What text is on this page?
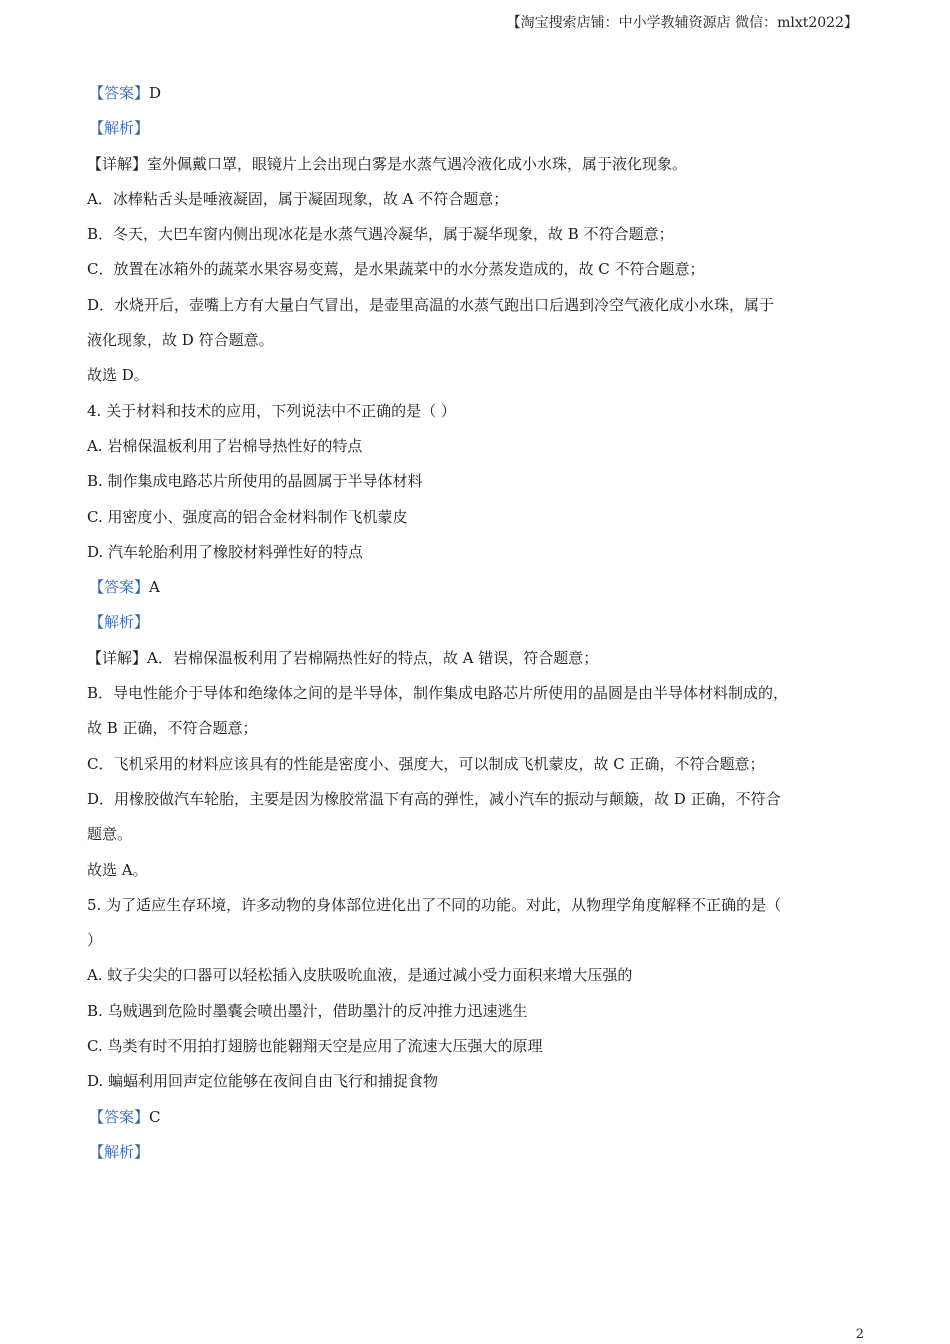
【淘宝搜索店铺：中小学教辅资源店 微信：mlxt2022】
【答案】D
【解析】
【详解】室外佩戴口罩，眼镜片上会出现白雾是水蒸气遇冷液化成小水珠，属于液化现象。
A．冰棒粘舌头是唾液凝固，属于凝固现象，故 A 不符合题意；
B．冬天，大巴车窗内侧出现冰花是水蒸气遇冷凝华，属于凝华现象，故 B 不符合题意；
C．放置在冰箱外的蔬菜水果容易变蔫，是水果蔬菜中的水分蒸发造成的，故 C 不符合题意；
D．水烧开后，壶嘴上方有大量白气冒出，是壶里高温的水蒸气跑出口后遇到冷空气液化成小水珠，属于
液化现象，故 D 符合题意。
故选 D。
4. 关于材料和技术的应用，下列说法中不正确的是（ ）
A. 岩棉保温板利用了岩棉导热性好的特点
B. 制作集成电路芯片所使用的晶圆属于半导体材料
C. 用密度小、强度高的铝合金材料制作飞机蒙皮
D. 汽车轮胎利用了橡胶材料弹性好的特点
【答案】A
【解析】
【详解】A．岩棉保温板利用了岩棉隔热性好的特点，故 A 错误，符合题意；
B．导电性能介于导体和绝缘体之间的是半导体，制作集成电路芯片所使用的晶圆是由半导体材料制成的，
故 B 正确，不符合题意；
C．飞机采用的材料应该具有的性能是密度小、强度大，可以制成飞机蒙皮，故 C 正确，不符合题意；
D．用橡胶做汽车轮胎，主要是因为橡胶常温下有高的弹性，减小汽车的振动与颠簸，故 D 正确，不符合
题意。
故选 A。
5. 为了适应生存环境，许多动物的身体部位进化出了不同的功能。对此，从物理学角度解释不正确的是（
）
A. 蚊子尖尖的口器可以轻松插入皮肤吸吮血液，是通过减小受力面积来增大压强的
B. 乌贼遇到危险时墨囊会喷出墨汁，借助墨汁的反冲推力迅速逃生
C. 鸟类有时不用拍打翅膀也能翱翔天空是应用了流速大压强大的原理
D. 蝙蝠利用回声定位能够在夜间自由飞行和捕捉食物
【答案】C
【解析】
2
